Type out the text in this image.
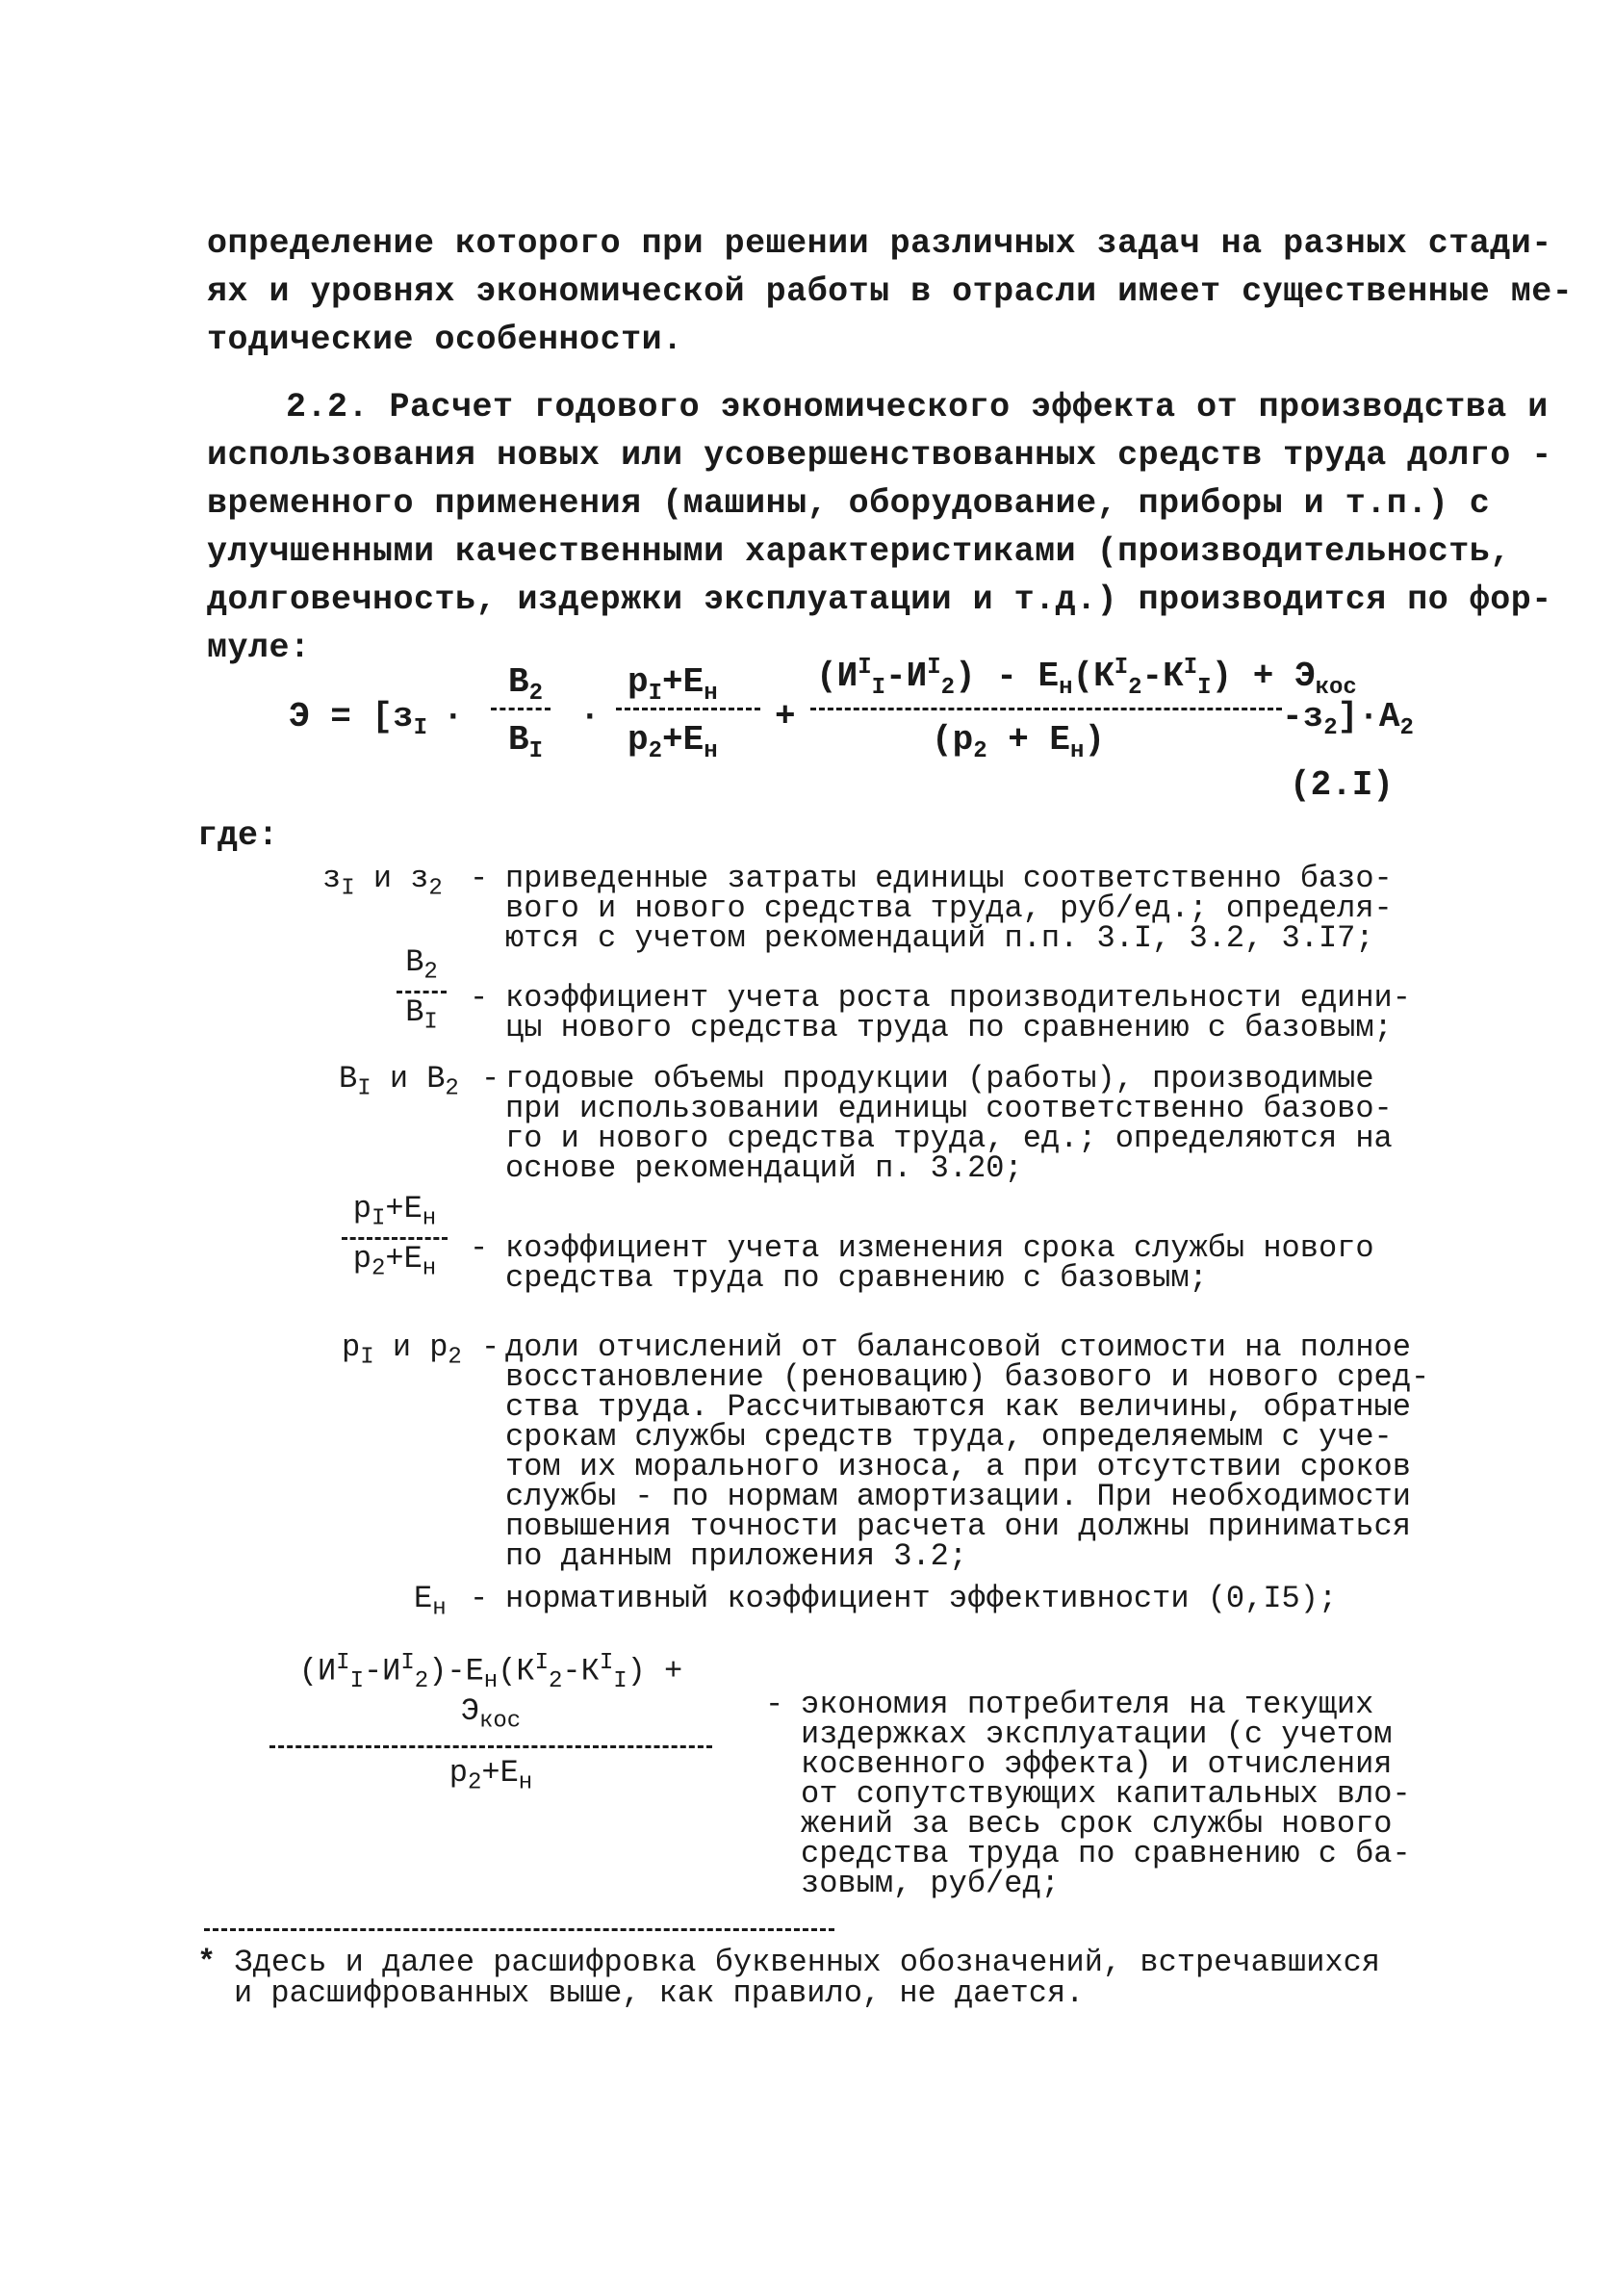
определение которого при решении различных задач на разных стади-
ях и уровнях экономической работы в отрасли имеет существенные ме-
тодические особенности.
2.2. Расчет годового экономического эффекта от производства и
использования новых или усовершенствованных средств труда долго -
временного применения (машины, оборудование, приборы и т.п.) с
улучшенными качественными характеристиками (производительность,
долговечность, издержки эксплуатации и т.д.) производится по фор-
муле:
$Э = [з_I$ ·
$В_2$
$В_I$
·
$р_I+Е_н$
$р_2+Е_н$
+
$(И^I_I-И^I_2) - Е_н(К^I_2-К^I_I) + Э_{кос}$
$(р_2 + Е_н)$
$-з_2]\cdot А_2$
(2.I)
где:
$з_I$ и $з_2$ - приведенные затраты единицы соответственно базо-
вого и нового средства труда, руб/ед.; определя-
ются с учетом рекомендаций п.п. 3.I, 3.2, 3.I7;
$В_2$
$В_I$
- коэффициент учета роста производительности едини-
цы нового средства труда по сравнению с базовым;
$В_I$ и $В_2$ - годовые объемы продукции (работы), производимые
при использовании единицы соответственно базово-
го и нового средства труда, ед.; определяются на
основе рекомендаций п. 3.20;
$р_I+Е_н$
$р_2+Е_н$
- коэффициент учета изменения срока службы нового
средства труда по сравнению с базовым;
$р_I$ и $р_2$ - доли отчислений от балансовой стоимости на полное
восстановление (реновацию) базового и нового сред-
ства труда. Рассчитываются как величины, обратные
срокам службы средств труда, определяемым с уче-
том их морального износа, а при отсутствии сроков
службы - по нормам амортизации. При необходимости
повышения точности расчета они должны приниматься
по данным приложения 3.2;
$Е_н$ - нормативный коэффициент эффективности (0,I5);
$(И^I_I-И^I_2)-Е_н(К^I_2-К^I_I) + Э_{кос}$
$р_2+Е_н$
- экономия потребителя на текущих
издержках эксплуатации (с учетом
косвенного эффекта) и отчисления
от сопутствующих капитальных вло-
жений за весь срок службы нового
средства труда по сравнению с ба-
зовым, руб/ед;
* Здесь и далее расшифровка буквенных обозначений, встречавшихся
и расшифрованных выше, как правило, не дается.
